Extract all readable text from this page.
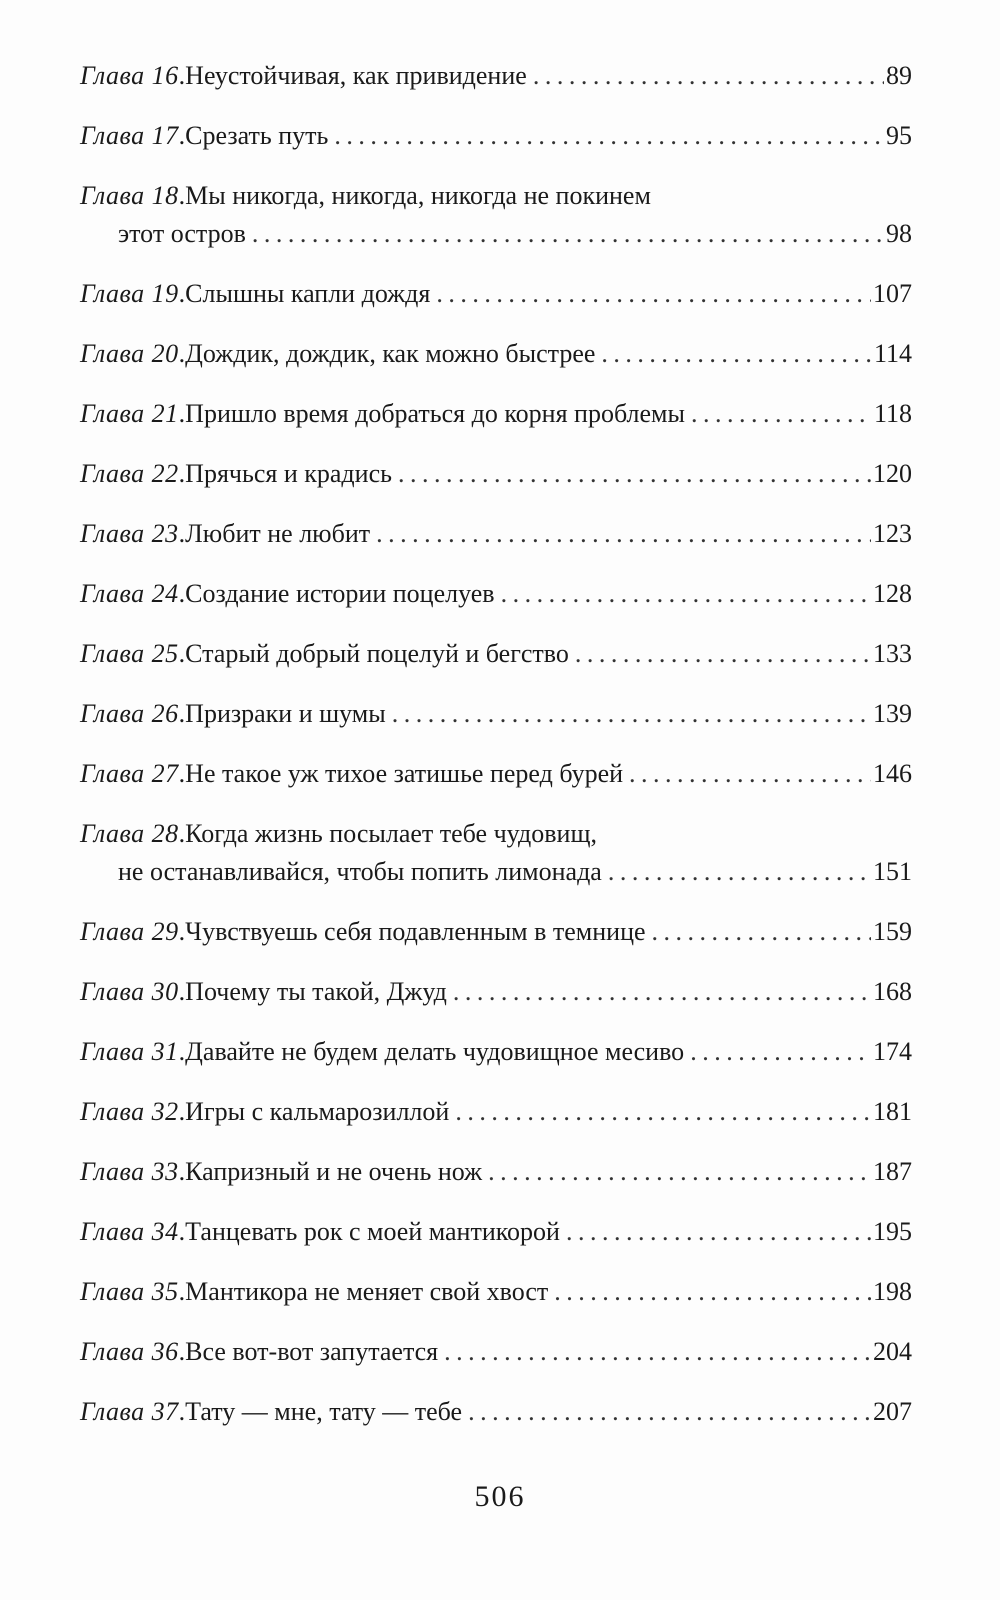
Глава 16 . Неустойчивая, как привидение . . .	89
Глава 17 . Срезать путь . . .	95
Глава 18 . Мы никогда, никогда, никогда не покинем
этот остров . . .	98
Глава 19 . Слышны капли дождя . . .	107
Глава 20 . Дождик, дождик, как можно быстрее . . .	114
Глава 21 . Пришло время добраться до корня проблемы . . .	118
Глава 22 . Прячься и крадись . . .	120
Глава 23 . Любит не любит . . .	123
Глава 24 . Создание истории поцелуев . . .	128
Глава 25 . Старый добрый поцелуй и бегство . . .	133
Глава 26 . Призраки и шумы . . .	139
Глава 27 . Не такое уж тихое затишье перед бурей . . .	146
Глава 28 . Когда жизнь посылает тебе чудовищ,
не останавливайся, чтобы попить лимонада . . .	151
Глава 29 . Чувствуешь себя подавленным в темнице . . .	159
Глава 30 . Почему ты такой, Джуд . . .	168
Глава 31 . Давайте не будем делать чудовищное месиво . . .	174
Глава 32 . Игры с кальмарозиллой . . .	181
Глава 33 . Капризный и не очень нож . . .	187
Глава 34 . Танцевать рок с моей мантикорой . . .	195
Глава 35 . Мантикора не меняет свой хвост . . .	198
Глава 36 . Все вот-вот запутается . . .	204
Глава 37 . Тату — мне, тату — тебе . . .	207
506
